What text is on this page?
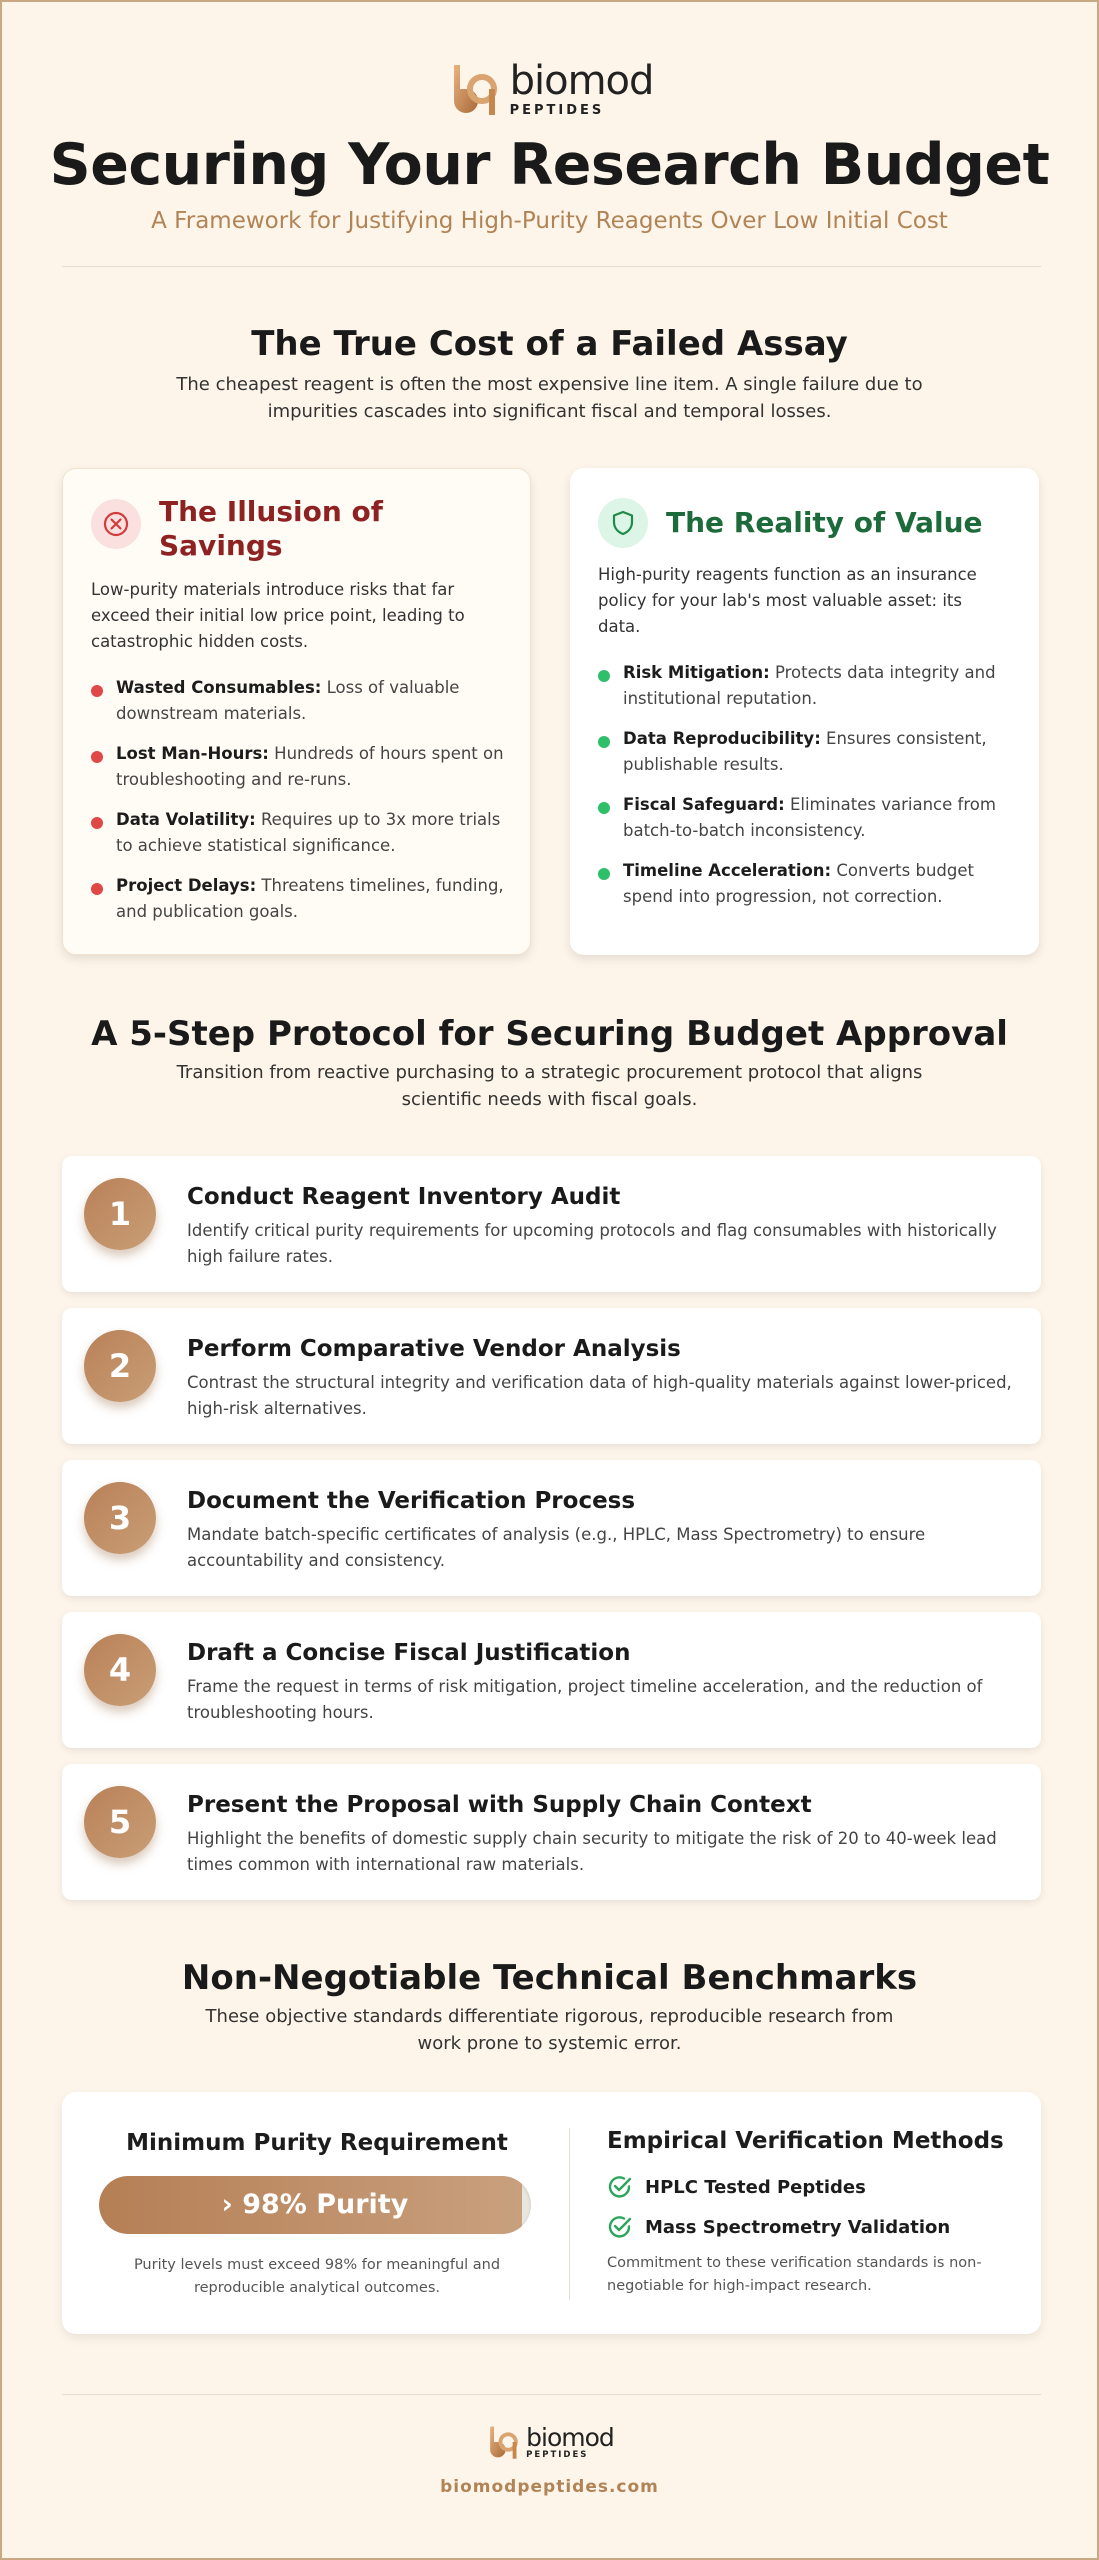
biomod
PEPTIDES
Securing Your Research Budget
A Framework for Justifying High-Purity Reagents Over Low Initial Cost
The True Cost of a Failed Assay
The cheapest reagent is often the most expensive line item. A single failure due to
impurities cascades into significant fiscal and temporal losses.
The Illusion of
Savings
Low-purity materials introduce risks that far exceed their initial low price point, leading to catastrophic hidden costs.
Wasted Consumables: Loss of valuable downstream materials.
Lost Man-Hours: Hundreds of hours spent on troubleshooting and re-runs.
Data Volatility: Requires up to 3x more trials to achieve statistical significance.
Project Delays: Threatens timelines, funding, and publication goals.
The Reality of Value
High-purity reagents function as an insurance policy for your lab's most valuable asset: its data.
Risk Mitigation: Protects data integrity and institutional reputation.
Data Reproducibility: Ensures consistent, publishable results.
Fiscal Safeguard: Eliminates variance from batch-to-batch inconsistency.
Timeline Acceleration: Converts budget spend into progression, not correction.
A 5-Step Protocol for Securing Budget Approval
Transition from reactive purchasing to a strategic procurement protocol that aligns
scientific needs with fiscal goals.
1	Conduct Reagent Inventory Audit
Identify critical purity requirements for upcoming protocols and flag consumables with historically high failure rates.
2	Perform Comparative Vendor Analysis
Contrast the structural integrity and verification data of high-quality materials against lower-priced, high-risk alternatives.
3	Document the Verification Process
Mandate batch-specific certificates of analysis (e.g., HPLC, Mass Spectrometry) to ensure accountability and consistency.
4	Draft a Concise Fiscal Justification
Frame the request in terms of risk mitigation, project timeline acceleration, and the reduction of troubleshooting hours.
5	Present the Proposal with Supply Chain Context
Highlight the benefits of domestic supply chain security to mitigate the risk of 20 to 40-week lead times common with international raw materials.
Non-Negotiable Technical Benchmarks
These objective standards differentiate rigorous, reproducible research from
work prone to systemic error.
Minimum Purity Requirement
› 98% Purity
Purity levels must exceed 98% for meaningful and reproducible analytical outcomes.
Empirical Verification Methods
HPLC Tested Peptides
Mass Spectrometry Validation
Commitment to these verification standards is non-negotiable for high-impact research.
biomod
PEPTIDES
biomodpeptides.com
